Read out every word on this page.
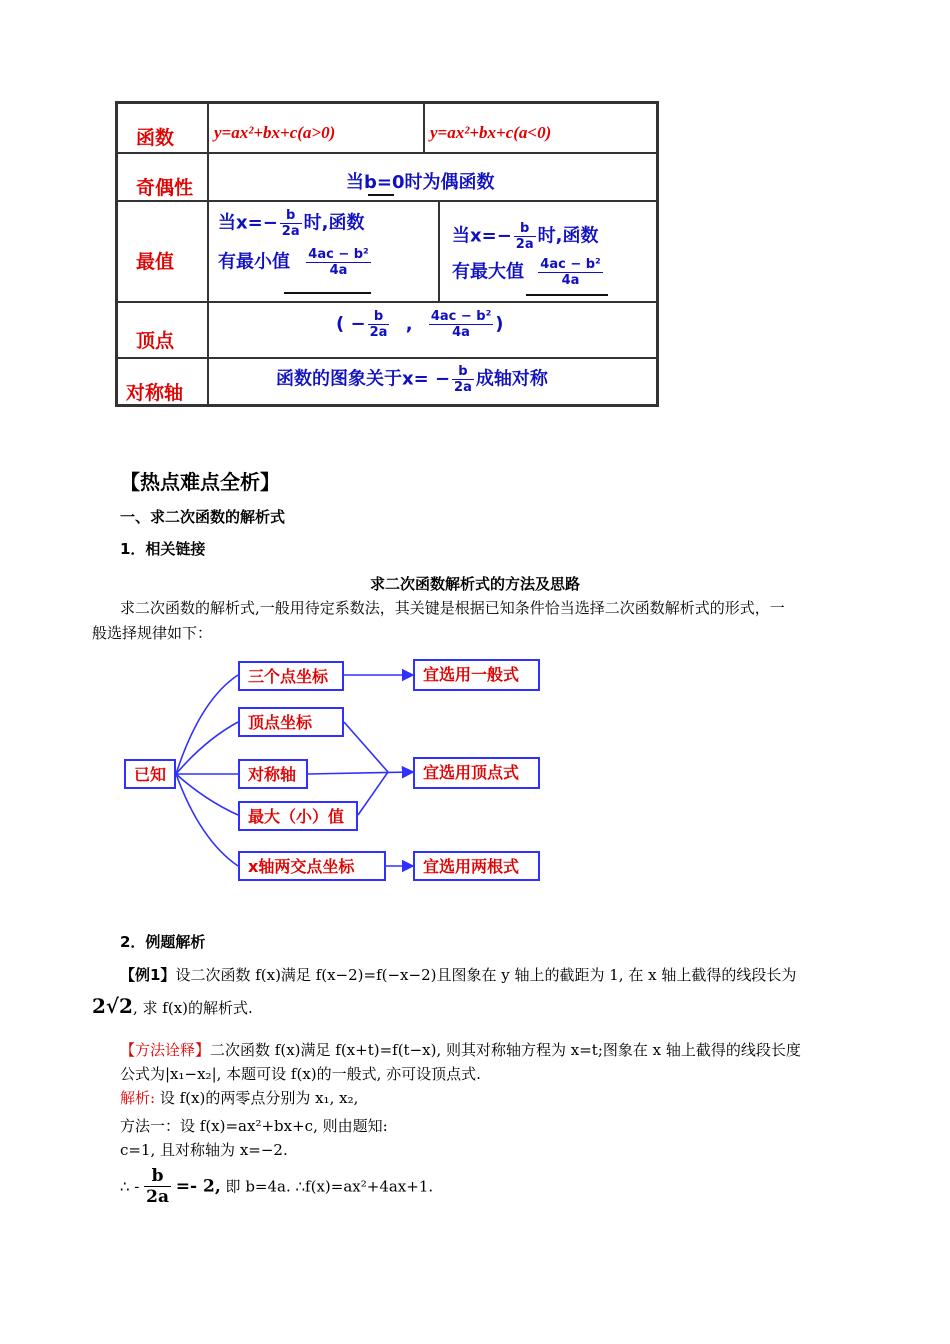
函数
奇偶性
最值
顶点
对称轴
y=ax²+bx+c(a>0)	y=ax²+bx+c(a<0)
当b=0时为偶函数
当$x=- \frac{b}{2a}$ 时,函数
有最小值 $\frac{\text{4ac − b²}}{4a}$
当$x=- \frac{b}{2a}$ 时,函数
有最大值 $\frac{\text{4ac − b²}}{4a}$
( − $\frac{b}{2a}$ , $\frac{\text{4ac − b²}}{4a}$ )
函数的图象关于$x= - \frac{b}{2a}$ 成轴对称
【热点难点全析】
一、求二次函数的解析式
1．相关链接
求二次函数解析式的方法及思路
求二次函数的解析式,一般用待定系数法，其关键是根据已知条件恰当选择二次函数解析式的形式，一
般选择规律如下：
已知
三个点坐标
顶点坐标
对称轴
最大（小）值
x轴两交点坐标
宜选用一般式
宜选用顶点式
宜选用两根式
2．例题解析
【例1】设二次函数 f(x)满足 f(x−2)=f(−x−2)且图象在 y 轴上的截距为 1, 在 x 轴上截得的线段长为
2√2, 求 f(x)的解析式.
【方法诠释】二次函数 f(x)满足 f(x+t)=f(t−x), 则其对称轴方程为 x=t;图象在 x 轴上截得的线段长度
公式为|x₁−x₂|, 本题可设 f(x)的一般式, 亦可设顶点式.
解析: 设 f(x)的两零点分别为 x₁, x₂,
方法一：设 f(x)=ax²+bx+c, 则由题知:
c=1, 且对称轴为 x=−2.
∴ - $\frac{b}{2a} =- 2$, 即 b=4a. ∴f(x)=ax²+4ax+1.
